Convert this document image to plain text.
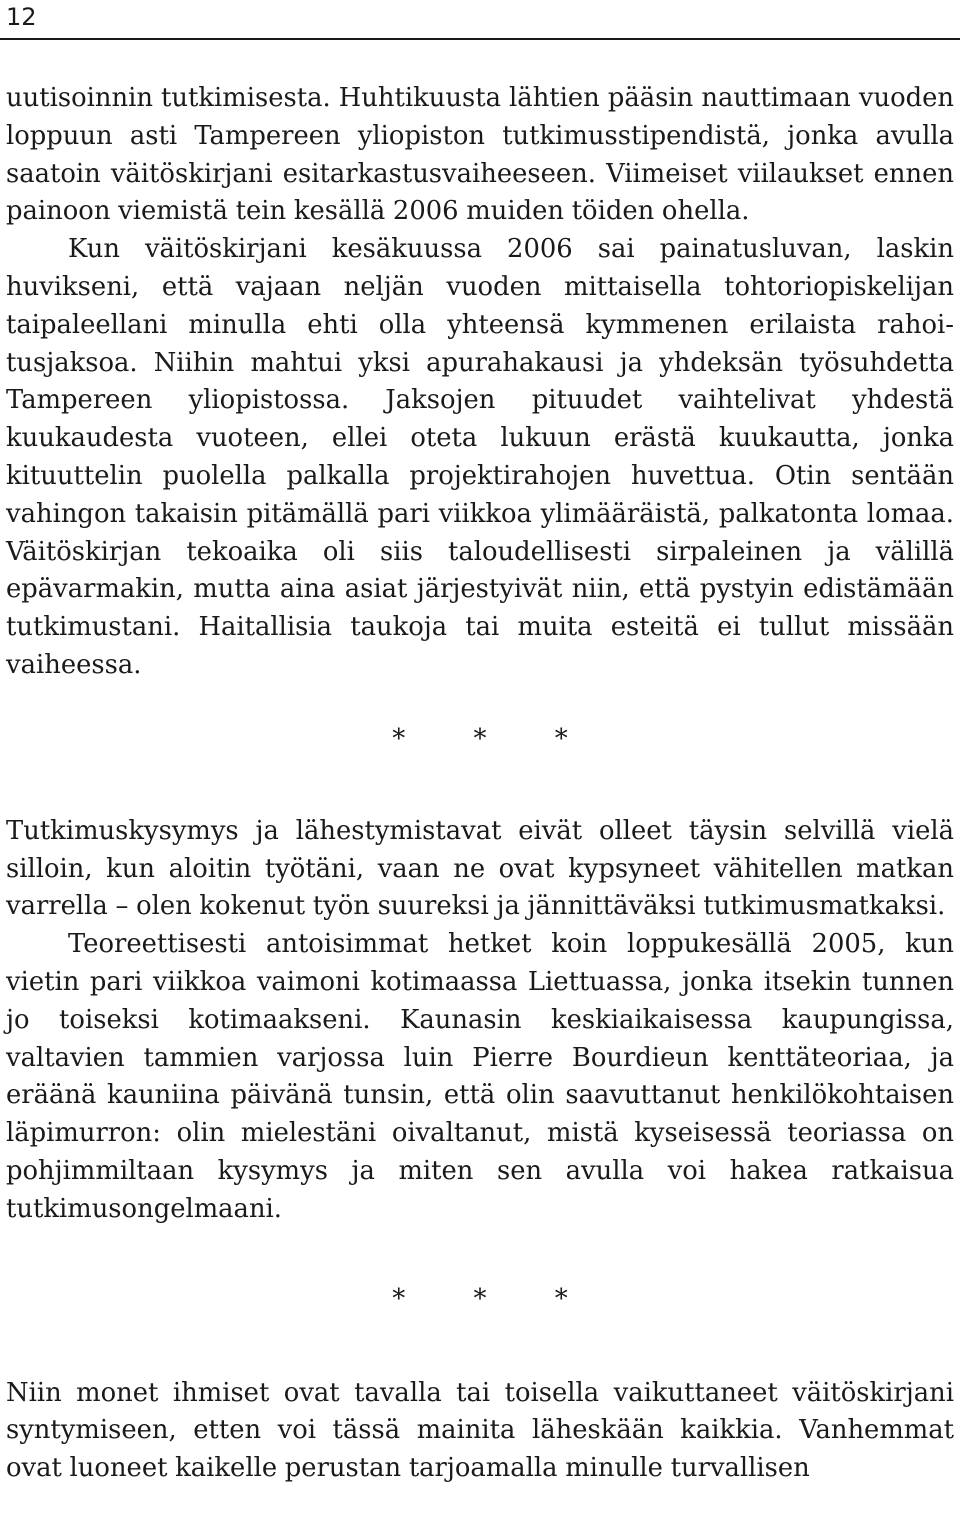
12

uutisoinnin tutkimisesta. Huhtikuusta lähtien pääsin nauttimaan vuoden loppuun asti Tampereen yliopiston tutkimusstipendistä, jonka avulla saatoin väitöskirjani esitarkastusvaiheeseen. Viimeiset viilaukset ennen painoon viemistä tein kesällä 2006 muiden töiden ohella.

Kun väitöskirjani kesäkuussa 2006 sai painatusluvan, laskin huvikseni, että vajaan neljän vuoden mittaisella tohtoriopiskelijan taipaleellani minulla ehti olla yhteensä kymmenen erilaista rahoitusjaksoa. Niihin mahtui yksi apurahakausi ja yhdeksän työsuhdetta Tampereen yliopistossa. Jaksojen pituudet vaihtelivat yhdestä kuukaudesta vuoteen, ellei oteta lukuun erästä kuukautta, jonka kituuttelin puolella palkalla projektirahojen huvettua. Otin sentään vahingon takaisin pitämällä pari viikkoa ylimääräistä, palkatonta lomaa. Väitöskirjan tekoaika oli siis taloudellisesti sirpaleinen ja välillä epävarmakin, mutta aina asiat järjestyivät niin, että pystyin edistämään tutkimustani. Haitallisia taukoja tai muita esteitä ei tullut missään vaiheessa.

* * *

Tutkimuskysymys ja lähestymistavat eivät olleet täysin selvillä vielä silloin, kun aloitin työtäni, vaan ne ovat kypsyneet vähitellen matkan varrella – olen kokenut työn suureksi ja jännittäväksi tutkimusmatkaksi.

Teoreettisesti antoisimmat hetket koin loppukesällä 2005, kun vietin pari viikkoa vaimoni kotimaassa Liettuassa, jonka itsekin tunnen jo toiseksi kotimaakseni. Kaunasin keskiaikaisessa kaupungissa, valtavien tammien varjossa luin Pierre Bourdieun kenttäteoriaa, ja eräänä kauniina päivänä tunsin, että olin saavuttanut henkilökohtaisen läpimurron: olin mielestäni oivaltanut, mistä kyseisessä teoriassa on pohjimmiltaan kysymys ja miten sen avulla voi hakea ratkaisua tutkimusongelmaani.

* * *

Niin monet ihmiset ovat tavalla tai toisella vaikuttaneet väitöskirjani syntymiseen, etten voi tässä mainita läheskään kaikkia. Vanhemmat ovat luoneet kaikelle perustan tarjoamalla minulle turvallisen
